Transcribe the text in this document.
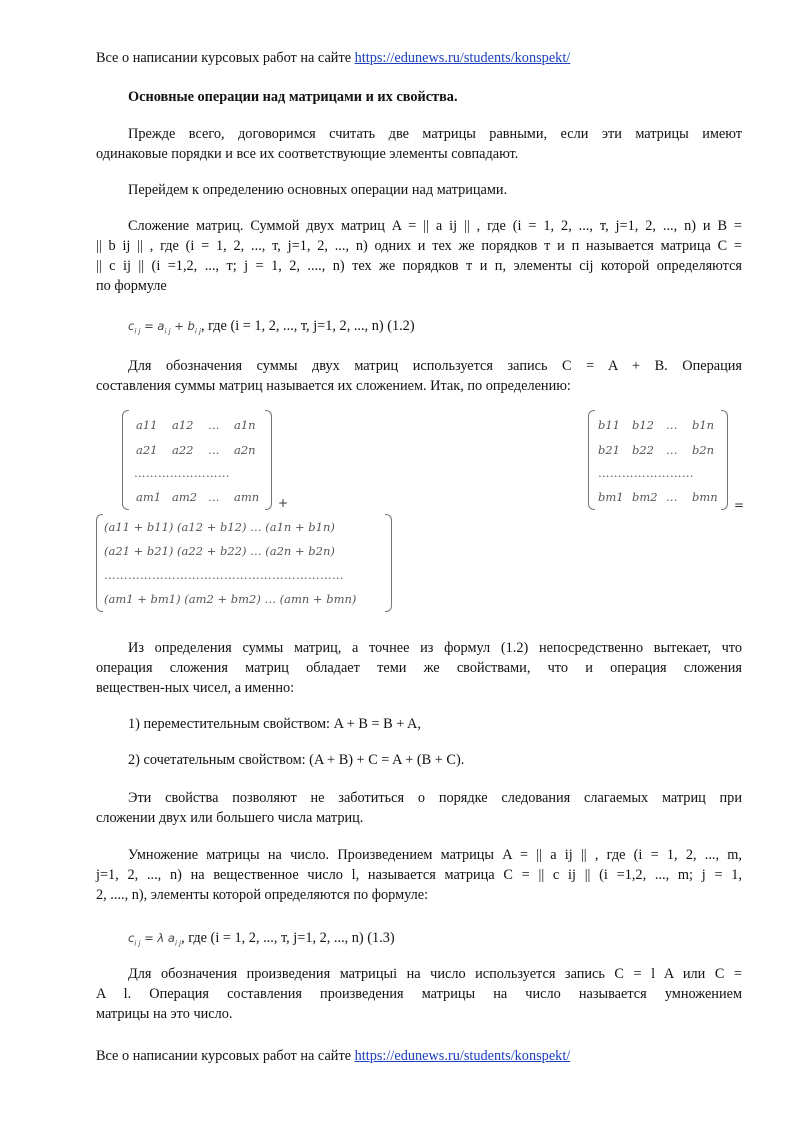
Все о написании курсовых работ на сайте https://edunews.ru/students/konspekt/
Основные операции над матрицами и их свойства.
Прежде всего, договоримся считать две матрицы равными, если эти матрицы имеют
одинаковые порядки и все их соответствующие элементы совпадают.
Перейдем к определению основных операции над матрицами.
Сложение матриц. Суммой двух матриц A = || a ij || , где (i = 1, 2, ..., т, j=1, 2, ..., n) и B =
|| b ij || , где (i = 1, 2, ..., т, j=1, 2, ..., n) одних и тех же порядков т и п называется матрица C =
|| c ij || (i =1,2, ..., т; j = 1, 2, ...., n) тех же порядков т и п, элементы cij которой определяются
по формуле
$c_{i j} = a_{i j} + b_{i j}$, где (i = 1, 2, ..., т, j=1, 2, ..., n) (1.2)
Для обозначения суммы двух матриц используется запись C = A + B. Операция
составления суммы матриц называется их сложением. Итак, по определению:
a11 a12 … a1n
a21 a22 … a2n
……………………
am1 am2 … amn +
b11 b12 … b1n
b21 b22 … b2n
……………………
bm1 bm2 … bmn
=
(a11 + b11) (a12 + b12) … (a1n + b1n)
(a21 + b21) (a22 + b22) … (a2n + b2n)
……………………………………………………
(am1 + bm1) (am2 + bm2) … (amn + bmn)
Из определения суммы матриц, а точнее из формул (1.2) непосредственно вытекает, что
операция сложения матриц обладает теми же свойствами, что и операция сложения
веществен-ных чисел, а именно:
1) переместительным свойством: A + B = B + A,
2) сочетательным свойством: (A + B) + C = A + (B + C).
Эти свойства позволяют не заботиться о порядке следования слагаемых матриц при
сложении двух или большего числа матриц.
Умножение матрицы на число. Произведением матрицы A = || a ij || , где (i = 1, 2, ..., m,
j=1, 2, ..., n) на вещественное число l, называется матрица C = || c ij || (i =1,2, ..., m; j = 1,
2, ...., n), элементы которой определяются по формуле:
$c_{i j} = \lambda$ $a_{i j}$, где (i = 1, 2, ..., т, j=1, 2, ..., n) (1.3)
Для обозначения произведения матрицыi на число используется запись C = l A или C =
A l. Операция составления произведения матрицы на число называется умножением
матрицы на это число.
Все о написании курсовых работ на сайте https://edunews.ru/students/konspekt/
